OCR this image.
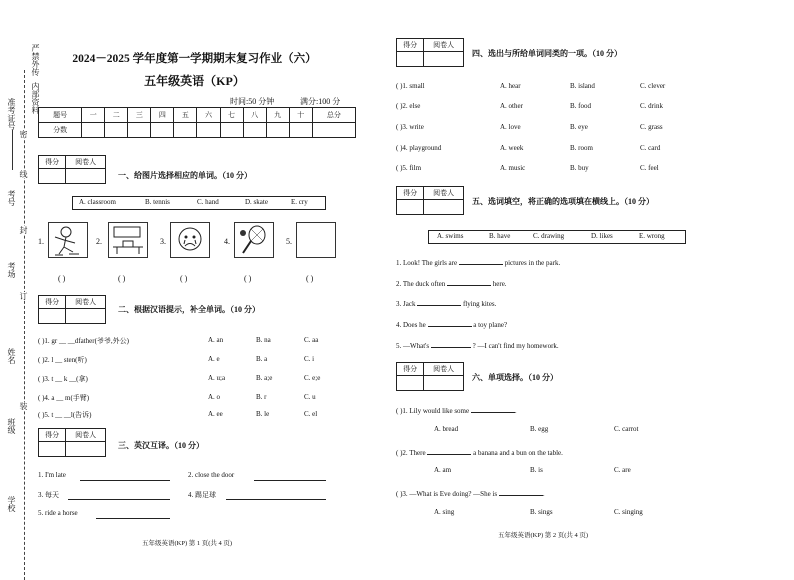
准考证号
考号
考场
姓名
班级
学校
密
封
线
订
装
严禁外传
内部资料
2024－2025 学年度第一学期期末复习作业（六）
五年级英语（KP）
时间:50 分钟	满分:100 分
题号	一	二	三	四	五	六	七	八	九	十	总分
分数											
得分	阅卷人

一、给图片选择相应的单词。（10 分）
A. classroom	B. tennis	C. hand	D. skate	E. cry
1.	2.	3.	4.	5.
( )	( )	( )	( )	( )
得分	阅卷人

二、根据汉语提示，补全单词。（10 分）
( )1. gr __ __dfather(爷爷,外公)	A. an	B. na	C. aa
( )2. l __ sten(听)	A. e	B. a	C. i
( )3. t __ k __(拿)	A. u;a	B. a;e	C. e;e
( )4. a __ m(手臂)	A. o	B. r	C. u
( )5. t __ __l(告诉)	A. ee	B. le	C. el
得分	阅卷人

三、英汉互译。（10 分）
1. I'm late	2. close the door
3. 每天	4. 踢足球
5. ride a horse
五年级英语(KP) 第 1 页(共 4 页)
得分	阅卷人

四、选出与所给单词同类的一项。（10 分）
( )1. small	A. hear	B. island	C. clever
( )2. else	A. other	B. food	C. drink
( )3. write	A. love	B. eye	C. grass
( )4. playground	A. week	B. room	C. card
( )5. film	A. music	B. buy	C. feel
得分	阅卷人

五、选词填空，将正确的选项填在横线上。（10 分）
A. swims	B. have	C. drawing	D. likes	E. wrong
1. Look! The girls are	pictures in the park.
2. The duck often	here.
3. Jack	flying kites.
4. Does he	a toy plane?
5. —What's	? —I can't find my homework.
得分	阅卷人

六、单项选择。（10 分）
( )1. Lily would like some	.
A. bread	B. egg	C. carrot
( )2. There	a banana and a bun on the table.
A. am	B. is	C. are
( )3. —What is Eve doing? —She is	.
A. sing	B. sings	C. singing
五年级英语(KP) 第 2 页(共 4 页)
